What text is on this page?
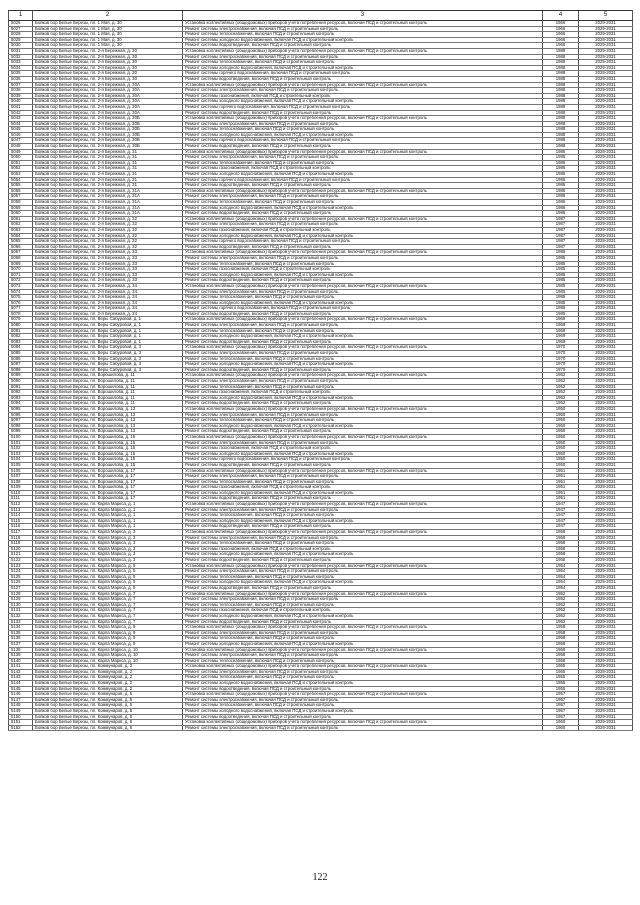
1	2	3	4	5
5026	Бойков бор Белые Березы, пл. 1 Мая, д. 30	Установка коллективных (общедомовых) приборов учета потребления ресурсов, включая ПСД и строительный контроль	1966	2029-2031
5027	Бойков бор Белые Березы, пл. 1 Мая, д. 30	Ремонт системы электроснабжения, включая ПСД и строительный контроль	1966	2029-2031
5028	Бойков бор Белые Березы, пл. 1 Мая, д. 30	Ремонт системы теплоснабжения, включая ПСД и строительный контроль	1966	2029-2031
5029	Бойков бор Белые Березы, пл. 1 Мая, д. 30	Ремонт системы холодного водоснабжения, включая ПСД и строительный контроль	1966	2029-2031
5030	Бойков бор Белые Березы, пл. 1 Мая, д. 30	Ремонт системы водоотведения, включая ПСД и строительный контроль	1966	2029-2031
5031	Бойков бор Белые Березы, пл. 2-я Бережная, д. 30	Установка коллективных (общедомовых) приборов учета потребления ресурсов, включая ПСД и строительный контроль	1988	2029-2031
5032	Бойков бор Белые Березы, пл. 2-я Бережная, д. 30	Ремонт системы электроснабжения, включая ПСД и строительный контроль	1988	2029-2031
5033	Бойков бор Белые Березы, пл. 2-я Бережная, д. 30	Ремонт системы теплоснабжения, включая ПСД и строительный контроль	1988	2029-2031
5034	Бойков бор Белые Березы, пл. 2-я Бережная, д. 30	Ремонт системы холодного водоснабжения, включая ПСД и строительный контроль	1988	2029-2031
5035	Бойков бор Белые Березы, пл. 2-я Бережная, д. 30	Ремонт системы горячего водоснабжения, включая ПСД и строительный контроль	1988	2029-2031
5036	Бойков бор Белые Березы, пл. 2-я Бережная, д. 30	Ремонт системы водоотведения, включая ПСД и строительный контроль	1988	2029-2031
5037	Бойков бор Белые Березы, пл. 2-я Бережная, д. 30А	Установка коллективных (общедомовых) приборов учета потребления ресурсов, включая ПСД и строительный контроль	1988	2029-2031
5038	Бойков бор Белые Березы, пл. 2-я Бережная, д. 30А	Ремонт системы электроснабжения, включая ПСД и строительный контроль	1988	2029-2031
5039	Бойков бор Белые Березы, пл. 2-я Бережная, д. 30А	Ремонт системы газоснабжения, включая ПСД и строительный контроль	1988	2029-2031
5040	Бойков бор Белые Березы, пл. 2-я Бережная, д. 30А	Ремонт системы холодного водоснабжения, включая ПСД и строительный контроль	1988	2029-2031
5041	Бойков бор Белые Березы, пл. 2-я Бережная, д. 30А	Ремонт системы горячего водоснабжения, включая ПСД и строительный контроль	1988	2029-2031
5042	Бойков бор Белые Березы, пл. 2-я Бережная, д. 30А	Ремонт системы водоотведения, включая ПСД и строительный контроль	1988	2029-2031
5043	Бойков бор Белые Березы, пл. 2-я Бережная, д. 30Б	Установка коллективных (общедомовых) приборов учета потребления ресурсов, включая ПСД и строительный контроль	1988	2029-2031
5044	Бойков бор Белые Березы, пл. 2-я Бережная, д. 30Б	Ремонт системы электроснабжения, включая ПСД и строительный контроль	1988	2029-2031
5045	Бойков бор Белые Березы, пл. 2-я Бережная, д. 30Б	Ремонт системы теплоснабжения, включая ПСД и строительный контроль	1988	2029-2031
5046	Бойков бор Белые Березы, пл. 2-я Бережная, д. 30Б	Ремонт системы холодного водоснабжения, включая ПСД и строительный контроль	1988	2029-2031
5047	Бойков бор Белые Березы, пл. 2-я Бережная, д. 30Б	Ремонт системы горячего водоснабжения, включая ПСД и строительный контроль	1988	2029-2031
5048	Бойков бор Белые Березы, пл. 2-я Бережная, д. 30Б	Ремонт системы водоотведения, включая ПСД и строительный контроль	1988	2029-2031
5049	Бойков бор Белые Березы, пл. 2-я Бережная, д. 31	Установка коллективных (общедомовых) приборов учета потребления ресурсов, включая ПСД и строительный контроль	1986	2029-2031
5050	Бойков бор Белые Березы, пл. 2-я Бережная, д. 31	Ремонт системы электроснабжения, включая ПСД и строительный контроль	1986	2029-2031
5051	Бойков бор Белые Березы, пл. 2-я Бережная, д. 31	Ремонт системы теплоснабжения, включая ПСД и строительный контроль	1986	2029-2031
5052	Бойков бор Белые Березы, пл. 2-я Бережная, д. 31	Ремонт системы газоснабжения, включая ПСД и строительный контроль	1986	2029-2031
5053	Бойков бор Белые Березы, пл. 2-я Бережная, д. 31	Ремонт системы холодного водоснабжения, включая ПСД и строительный контроль	1986	2029-2031
5054	Бойков бор Белые Березы, пл. 2-я Бережная, д. 31	Ремонт системы горячего водоснабжения, включая ПСД и строительный контроль	1986	2029-2031
5055	Бойков бор Белые Березы, пл. 2-я Бережная, д. 31	Ремонт системы водоотведения, включая ПСД и строительный контроль	1986	2029-2031
5056	Бойков бор Белые Березы, пл. 2-я Бережная, д. 31А	Установка коллективных (общедомовых) приборов учета потребления ресурсов, включая ПСД и строительный контроль	1986	2029-2031
5057	Бойков бор Белые Березы, пл. 2-я Бережная, д. 31А	Ремонт системы электроснабжения, включая ПСД и строительный контроль	1986	2029-2031
5058	Бойков бор Белые Березы, пл. 2-я Бережная, д. 31А	Ремонт системы теплоснабжения, включая ПСД и строительный контроль	1986	2029-2031
5059	Бойков бор Белые Березы, пл. 2-я Бережная, д. 31А	Ремонт системы холодного водоснабжения, включая ПСД и строительный контроль	1986	2029-2031
5060	Бойков бор Белые Березы, пл. 2-я Бережная, д. 31А	Ремонт системы водоотведения, включая ПСД и строительный контроль	1986	2029-2031
5061	Бойков бор Белые Березы, пл. 2-я Бережная, д. 32	Установка коллективных (общедомовых) приборов учета потребления ресурсов, включая ПСД и строительный контроль	1987	2029-2031
5062	Бойков бор Белые Березы, пл. 2-я Бережная, д. 32	Ремонт системы электроснабжения, включая ПСД и строительный контроль	1987	2029-2031
5063	Бойков бор Белые Березы, пл. 2-я Бережная, д. 32	Ремонт системы газоснабжения, включая ПСД и строительный контроль	1987	2029-2031
5064	Бойков бор Белые Березы, пл. 2-я Бережная, д. 32	Ремонт системы холодного водоснабжения, включая ПСД и строительный контроль	1987	2029-2031
5065	Бойков бор Белые Березы, пл. 2-я Бережная, д. 32	Ремонт системы горячего водоснабжения, включая ПСД и строительный контроль	1987	2029-2031
5066	Бойков бор Белые Березы, пл. 2-я Бережная, д. 32	Ремонт системы водоотведения, включая ПСД и строительный контроль	1987	2029-2031
5067	Бойков бор Белые Березы, пл. 2-я Бережная, д. 33	Установка коллективных (общедомовых) приборов учета потребления ресурсов, включая ПСД и строительный контроль	1985	2029-2031
5068	Бойков бор Белые Березы, пл. 2-я Бережная, д. 33	Ремонт системы электроснабжения, включая ПСД и строительный контроль	1985	2029-2031
5069	Бойков бор Белые Березы, пл. 2-я Бережная, д. 33	Ремонт системы теплоснабжения, включая ПСД и строительный контроль	1985	2029-2031
5070	Бойков бор Белые Березы, пл. 2-я Бережная, д. 33	Ремонт системы газоснабжения, включая ПСД и строительный контроль	1985	2029-2031
5071	Бойков бор Белые Березы, пл. 2-я Бережная, д. 33	Ремонт системы холодного водоснабжения, включая ПСД и строительный контроль	1985	2029-2031
5072	Бойков бор Белые Березы, пл. 2-я Бережная, д. 33	Ремонт системы водоотведения, включая ПСД и строительный контроль	1985	2029-2031
5073	Бойков бор Белые Березы, пл. 2-я Бережная, д. 34	Установка коллективных (общедомовых) приборов учета потребления ресурсов, включая ПСД и строительный контроль	1985	2029-2031
5074	Бойков бор Белые Березы, пл. 2-я Бережная, д. 34	Ремонт системы электроснабжения, включая ПСД и строительный контроль	1985	2029-2031
5075	Бойков бор Белые Березы, пл. 2-я Бережная, д. 34	Ремонт системы теплоснабжения, включая ПСД и строительный контроль	1985	2029-2031
5076	Бойков бор Белые Березы, пл. 2-я Бережная, д. 34	Ремонт системы холодного водоснабжения, включая ПСД и строительный контроль	1985	2029-2031
5077	Бойков бор Белые Березы, пл. 2-я Бережная, д. 34	Ремонт системы горячего водоснабжения, включая ПСД и строительный контроль	1985	2029-2031
5078	Бойков бор Белые Березы, пл. 2-я Бережная, д. 34	Ремонт системы водоотведения, включая ПСД и строительный контроль	1985	2029-2031
5079	Бойков бор Белые Березы, пл. Веры Сабуровой, д. 1	Установка коллективных (общедомовых) приборов учета потребления ресурсов, включая ПСД и строительный контроль	1969	2029-2031
5080	Бойков бор Белые Березы, пл. Веры Сабуровой, д. 1	Ремонт системы электроснабжения, включая ПСД и строительный контроль	1969	2029-2031
5081	Бойков бор Белые Березы, пл. Веры Сабуровой, д. 1	Ремонт системы теплоснабжения, включая ПСД и строительный контроль	1969	2029-2031
5082	Бойков бор Белые Березы, пл. Веры Сабуровой, д. 1	Ремонт системы холодного водоснабжения, включая ПСД и строительный контроль	1969	2029-2031
5083	Бойков бор Белые Березы, пл. Веры Сабуровой, д. 1	Ремонт системы водоотведения, включая ПСД и строительный контроль	1969	2029-2031
5084	Бойков бор Белые Березы, пл. Веры Сабуровой, д. 3	Установка коллективных (общедомовых) приборов учета потребления ресурсов, включая ПСД и строительный контроль	1970	2029-2031
5085	Бойков бор Белые Березы, пл. Веры Сабуровой, д. 3	Ремонт системы электроснабжения, включая ПСД и строительный контроль	1970	2029-2031
5086	Бойков бор Белые Березы, пл. Веры Сабуровой, д. 3	Ремонт системы теплоснабжения, включая ПСД и строительный контроль	1970	2029-2031
5087	Бойков бор Белые Березы, пл. Веры Сабуровой, д. 3	Ремонт системы холодного водоснабжения, включая ПСД и строительный контроль	1970	2029-2031
5088	Бойков бор Белые Березы, пл. Веры Сабуровой, д. 3	Ремонт системы водоотведения, включая ПСД и строительный контроль	1970	2029-2031
5089	Бойков бор Белые Березы, пл. Ворошилова, д. 11	Установка коллективных (общедомовых) приборов учета потребления ресурсов, включая ПСД и строительный контроль	1952	2029-2031
5090	Бойков бор Белые Березы, пл. Ворошилова, д. 11	Ремонт системы электроснабжения, включая ПСД и строительный контроль	1952	2029-2031
5091	Бойков бор Белые Березы, пл. Ворошилова, д. 11	Ремонт системы теплоснабжения, включая ПСД и строительный контроль	1952	2029-2031
5092	Бойков бор Белые Березы, пл. Ворошилова, д. 11	Ремонт системы газоснабжения, включая ПСД и строительный контроль	1952	2029-2031
5093	Бойков бор Белые Березы, пл. Ворошилова, д. 11	Ремонт системы холодного водоснабжения, включая ПСД и строительный контроль	1952	2029-2031
5094	Бойков бор Белые Березы, пл. Ворошилова, д. 11	Ремонт системы водоотведения, включая ПСД и строительный контроль	1952	2029-2031
5095	Бойков бор Белые Березы, пл. Ворошилова, д. 13	Установка коллективных (общедомовых) приборов учета потребления ресурсов, включая ПСД и строительный контроль	1950	2029-2031
5096	Бойков бор Белые Березы, пл. Ворошилова, д. 13	Ремонт системы электроснабжения, включая ПСД и строительный контроль	1950	2029-2031
5097	Бойков бор Белые Березы, пл. Ворошилова, д. 13	Ремонт системы теплоснабжения, включая ПСД и строительный контроль	1950	2029-2031
5098	Бойков бор Белые Березы, пл. Ворошилова, д. 13	Ремонт системы холодного водоснабжения, включая ПСД и строительный контроль	1950	2029-2031
5099	Бойков бор Белые Березы, пл. Ворошилова, д. 13	Ремонт системы водоотведения, включая ПСД и строительный контроль	1950	2029-2031
5100	Бойков бор Белые Березы, пл. Ворошилова, д. 15	Установка коллективных (общедомовых) приборов учета потребления ресурсов, включая ПСД и строительный контроль	1950	2029-2031
5101	Бойков бор Белые Березы, пл. Ворошилова, д. 15	Ремонт системы электроснабжения, включая ПСД и строительный контроль	1950	2029-2031
5102	Бойков бор Белые Березы, пл. Ворошилова, д. 15	Ремонт системы газоснабжения, включая ПСД и строительный контроль	1950	2029-2031
5103	Бойков бор Белые Березы, пл. Ворошилова, д. 15	Ремонт системы холодного водоснабжения, включая ПСД и строительный контроль	1950	2029-2031
5104	Бойков бор Белые Березы, пл. Ворошилова, д. 15	Ремонт системы горячего водоснабжения, включая ПСД и строительный контроль	1950	2029-2031
5105	Бойков бор Белые Березы, пл. Ворошилова, д. 15	Ремонт системы водоотведения, включая ПСД и строительный контроль	1950	2029-2031
5106	Бойков бор Белые Березы, пл. Ворошилова, д. 17	Установка коллективных (общедомовых) приборов учета потребления ресурсов, включая ПСД и строительный контроль	1951	2029-2031
5107	Бойков бор Белые Березы, пл. Ворошилова, д. 17	Ремонт системы электроснабжения, включая ПСД и строительный контроль	1951	2029-2031
5108	Бойков бор Белые Березы, пл. Ворошилова, д. 17	Ремонт системы теплоснабжения, включая ПСД и строительный контроль	1951	2029-2031
5109	Бойков бор Белые Березы, пл. Ворошилова, д. 17	Ремонт системы газоснабжения, включая ПСД и строительный контроль	1951	2029-2031
5110	Бойков бор Белые Березы, пл. Ворошилова, д. 17	Ремонт системы холодного водоснабжения, включая ПСД и строительный контроль	1951	2029-2031
5111	Бойков бор Белые Березы, пл. Ворошилова, д. 17	Ремонт системы водоотведения, включая ПСД и строительный контроль	1951	2029-2031
5112	Бойков бор Белые Березы, пл. Карла Маркса, д. 1	Установка коллективных (общедомовых) приборов учета потребления ресурсов, включая ПСД и строительный контроль	1947	2029-2031
5113	Бойков бор Белые Березы, пл. Карла Маркса, д. 1	Ремонт системы электроснабжения, включая ПСД и строительный контроль	1947	2029-2031
5114	Бойков бор Белые Березы, пл. Карла Маркса, д. 1	Ремонт системы теплоснабжения, включая ПСД и строительный контроль	1947	2029-2031
5115	Бойков бор Белые Березы, пл. Карла Маркса, д. 1	Ремонт системы холодного водоснабжения, включая ПСД и строительный контроль	1947	2029-2031
5116	Бойков бор Белые Березы, пл. Карла Маркса, д. 1	Ремонт системы водоотведения, включая ПСД и строительный контроль	1947	2029-2031
5117	Бойков бор Белые Березы, пл. Карла Маркса, д. 3	Установка коллективных (общедомовых) приборов учета потребления ресурсов, включая ПСД и строительный контроль	1958	2029-2031
5118	Бойков бор Белые Березы, пл. Карла Маркса, д. 3	Ремонт системы электроснабжения, включая ПСД и строительный контроль	1958	2029-2031
5119	Бойков бор Белые Березы, пл. Карла Маркса, д. 3	Ремонт системы теплоснабжения, включая ПСД и строительный контроль	1958	2029-2031
5120	Бойков бор Белые Березы, пл. Карла Маркса, д. 3	Ремонт системы газоснабжения, включая ПСД и строительный контроль	1958	2029-2031
5121	Бойков бор Белые Березы, пл. Карла Маркса, д. 3	Ремонт системы холодного водоснабжения, включая ПСД и строительный контроль	1958	2029-2031
5122	Бойков бор Белые Березы, пл. Карла Маркса, д. 3	Ремонт системы водоотведения, включая ПСД и строительный контроль	1958	2029-2031
5123	Бойков бор Белые Березы, пл. Карла Маркса, д. 5	Установка коллективных (общедомовых) приборов учета потребления ресурсов, включая ПСД и строительный контроль	1954	2029-2031
5124	Бойков бор Белые Березы, пл. Карла Маркса, д. 5	Ремонт системы электроснабжения, включая ПСД и строительный контроль	1954	2029-2031
5125	Бойков бор Белые Березы, пл. Карла Маркса, д. 5	Ремонт системы теплоснабжения, включая ПСД и строительный контроль	1954	2029-2031
5126	Бойков бор Белые Березы, пл. Карла Маркса, д. 5	Ремонт системы холодного водоснабжения, включая ПСД и строительный контроль	1954	2029-2031
5127	Бойков бор Белые Березы, пл. Карла Маркса, д. 5	Ремонт системы водоотведения, включая ПСД и строительный контроль	1954	2029-2031
5128	Бойков бор Белые Березы, пл. Карла Маркса, д. 7	Установка коллективных (общедомовых) приборов учета потребления ресурсов, включая ПСД и строительный контроль	1952	2029-2031
5129	Бойков бор Белые Березы, пл. Карла Маркса, д. 7	Ремонт системы электроснабжения, включая ПСД и строительный контроль	1952	2029-2031
5130	Бойков бор Белые Березы, пл. Карла Маркса, д. 7	Ремонт системы теплоснабжения, включая ПСД и строительный контроль	1952	2029-2031
5131	Бойков бор Белые Березы, пл. Карла Маркса, д. 7	Ремонт системы газоснабжения, включая ПСД и строительный контроль	1952	2029-2031
5132	Бойков бор Белые Березы, пл. Карла Маркса, д. 7	Ремонт системы холодного водоснабжения, включая ПСД и строительный контроль	1952	2029-2031
5133	Бойков бор Белые Березы, пл. Карла Маркса, д. 7	Ремонт системы водоотведения, включая ПСД и строительный контроль	1952	2029-2031
5134	Бойков бор Белые Березы, пл. Карла Маркса, д. 9	Установка коллективных (общедомовых) приборов учета потребления ресурсов, включая ПСД и строительный контроль	1958	2029-2031
5135	Бойков бор Белые Березы, пл. Карла Маркса, д. 9	Ремонт системы электроснабжения, включая ПСД и строительный контроль	1958	2029-2031
5136	Бойков бор Белые Березы, пл. Карла Маркса, д. 9	Ремонт системы теплоснабжения, включая ПСД и строительный контроль	1958	2029-2031
5137	Бойков бор Белые Березы, пл. Карла Маркса, д. 9	Ремонт системы холодного водоснабжения, включая ПСД и строительный контроль	1958	2029-2031
5138	Бойков бор Белые Березы, пл. Карла Маркса, д. 10	Установка коллективных (общедомовых) приборов учета потребления ресурсов, включая ПСД и строительный контроль	1958	2029-2031
5139	Бойков бор Белые Березы, пл. Карла Маркса, д. 10	Ремонт системы электроснабжения, включая ПСД и строительный контроль	1958	2029-2031
5140	Бойков бор Белые Березы, пл. Карла Маркса, д. 10	Ремонт системы теплоснабжения, включая ПСД и строительный контроль	1958	2029-2031
5141	Бойков бор Белые Березы, пл. Коммунаров, д. 2	Установка коллективных (общедомовых) приборов учета потребления ресурсов, включая ПСД и строительный контроль	1955	2029-2031
5142	Бойков бор Белые Березы, пл. Коммунаров, д. 2	Ремонт системы электроснабжения, включая ПСД и строительный контроль	1955	2029-2031
5143	Бойков бор Белые Березы, пл. Коммунаров, д. 2	Ремонт системы теплоснабжения, включая ПСД и строительный контроль	1955	2029-2031
5144	Бойков бор Белые Березы, пл. Коммунаров, д. 2	Ремонт системы холодного водоснабжения, включая ПСД и строительный контроль	1955	2029-2031
5145	Бойков бор Белые Березы, пл. Коммунаров, д. 2	Ремонт системы водоотведения, включая ПСД и строительный контроль	1955	2029-2031
5146	Бойков бор Белые Березы, пл. Коммунаров, д. 5	Установка коллективных (общедомовых) приборов учета потребления ресурсов, включая ПСД и строительный контроль	1957	2029-2031
5147	Бойков бор Белые Березы, пл. Коммунаров, д. 5	Ремонт системы электроснабжения, включая ПСД и строительный контроль	1957	2029-2031
5148	Бойков бор Белые Березы, пл. Коммунаров, д. 5	Ремонт системы теплоснабжения, включая ПСД и строительный контроль	1957	2029-2031
5149	Бойков бор Белые Березы, пл. Коммунаров, д. 5	Ремонт системы холодного водоснабжения, включая ПСД и строительный контроль	1957	2029-2031
5150	Бойков бор Белые Березы, пл. Коммунаров, д. 5	Ремонт системы водоотведения, включая ПСД и строительный контроль	1957	2029-2031
5151	Бойков бор Белые Березы, пл. Коммунаров, д. 6	Установка коллективных (общедомовых) приборов учета потребления ресурсов, включая ПСД и строительный контроль	1960	2029-2031
5152	Бойков бор Белые Березы, пл. Коммунаров, д. 6	Ремонт системы электроснабжения, включая ПСД и строительный контроль	1960	2029-2031
122
